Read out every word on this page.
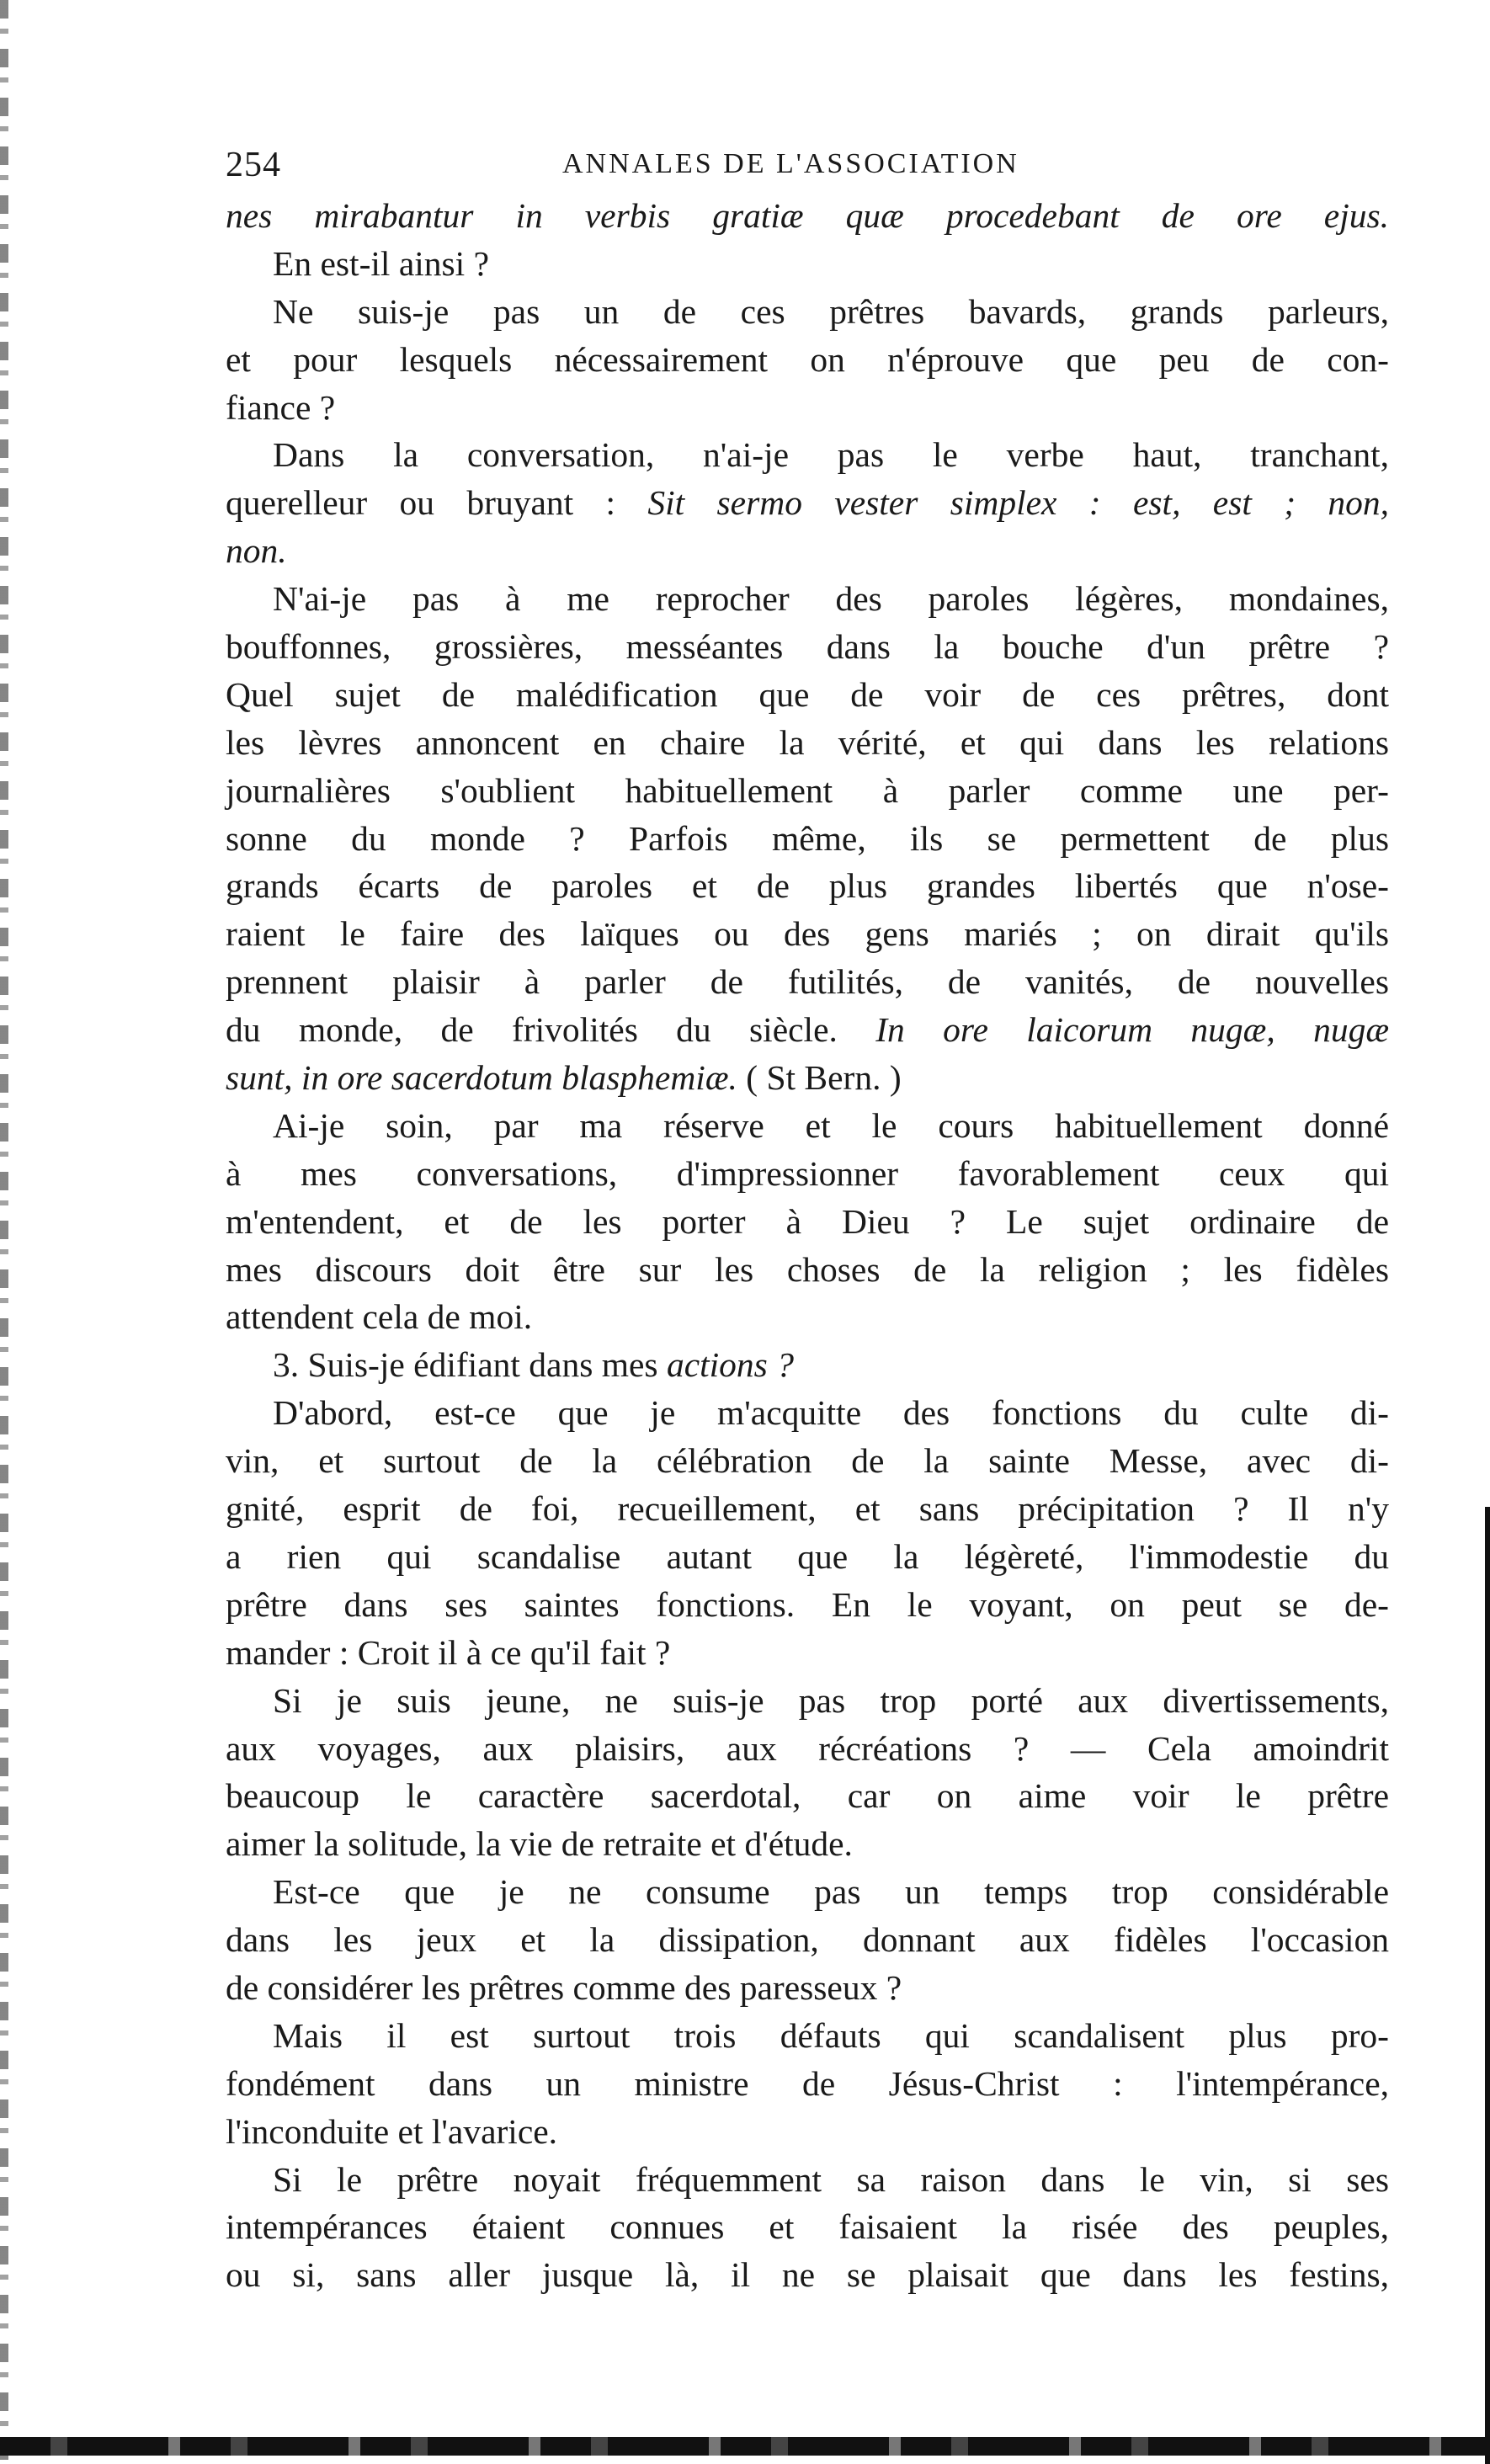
254	ANNALES DE L'ASSOCIATION
nes mirabantur in verbis gratiæ quæ procedebant de ore ejus.
En est-il ainsi ?
Ne suis-je pas un de ces prêtres bavards, grands parleurs,
et pour lesquels nécessairement on n'éprouve que peu de con-
fiance ?
Dans la conversation, n'ai-je pas le verbe haut, tranchant,
querelleur ou bruyant : Sit sermo vester simplex : est, est ; non,
non.
N'ai-je pas à me reprocher des paroles légères, mondaines,
bouffonnes, grossières, messéantes dans la bouche d'un prêtre ?
Quel sujet de malédification que de voir de ces prêtres, dont
les lèvres annoncent en chaire la vérité, et qui dans les relations
journalières s'oublient habituellement à parler comme une per-
sonne du monde ? Parfois même, ils se permettent de plus
grands écarts de paroles et de plus grandes libertés que n'ose-
raient le faire des laïques ou des gens mariés ; on dirait qu'ils
prennent plaisir à parler de futilités, de vanités, de nouvelles
du monde, de frivolités du siècle. In ore laicorum nugæ, nugæ
sunt, in ore sacerdotum blasphemiæ. ( St Bern. )
Ai-je soin, par ma réserve et le cours habituellement donné
à mes conversations, d'impressionner favorablement ceux qui
m'entendent, et de les porter à Dieu ? Le sujet ordinaire de
mes discours doit être sur les choses de la religion ; les fidèles
attendent cela de moi.
3. Suis-je édifiant dans mes actions ?
D'abord, est-ce que je m'acquitte des fonctions du culte di-
vin, et surtout de la célébration de la sainte Messe, avec di-
gnité, esprit de foi, recueillement, et sans précipitation ? Il n'y
a rien qui scandalise autant que la légèreté, l'immodestie du
prêtre dans ses saintes fonctions. En le voyant, on peut se de-
mander : Croit il à ce qu'il fait ?
Si je suis jeune, ne suis-je pas trop porté aux divertissements,
aux voyages, aux plaisirs, aux récréations ? — Cela amoindrit
beaucoup le caractère sacerdotal, car on aime voir le prêtre
aimer la solitude, la vie de retraite et d'étude.
Est-ce que je ne consume pas un temps trop considérable
dans les jeux et la dissipation, donnant aux fidèles l'occasion
de considérer les prêtres comme des paresseux ?
Mais il est surtout trois défauts qui scandalisent plus pro-
fondément dans un ministre de Jésus-Christ : l'intempérance,
l'inconduite et l'avarice.
Si le prêtre noyait fréquemment sa raison dans le vin, si ses
intempérances étaient connues et faisaient la risée des peuples,
ou si, sans aller jusque là, il ne se plaisait que dans les festins,
